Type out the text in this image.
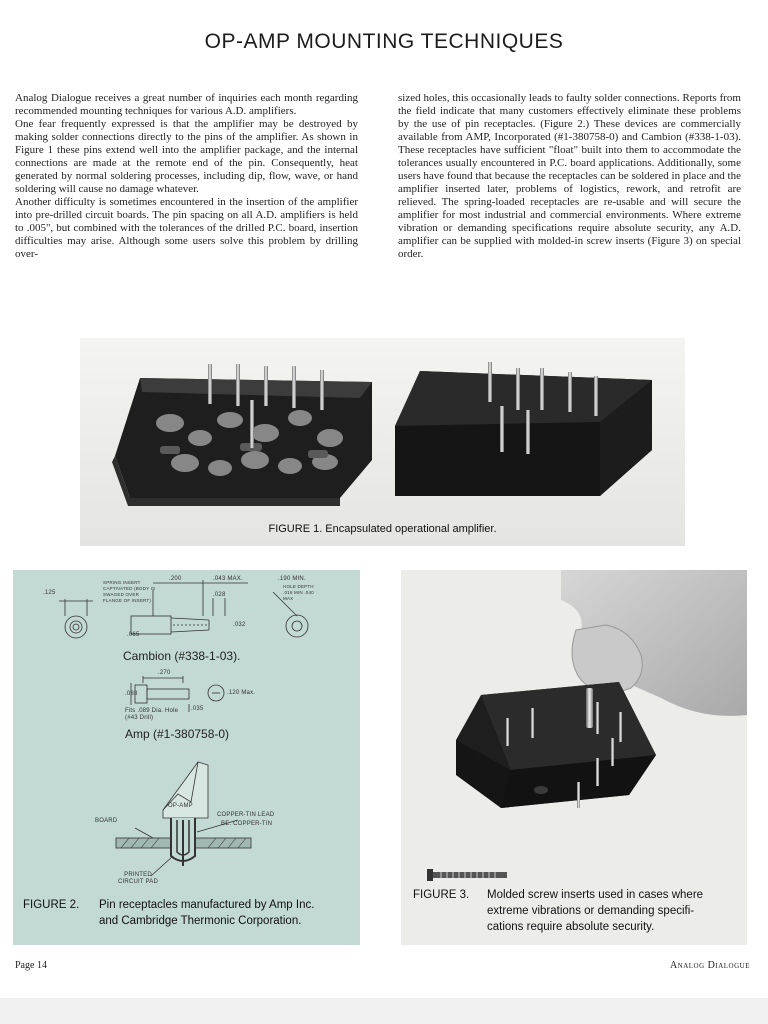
OP-AMP MOUNTING TECHNIQUES

Analog Dialogue receives a great number of inquiries each month regarding recommended mounting techniques for various A.D. amplifiers.

One fear frequently expressed is that the amplifier may be destroyed by making solder connections directly to the pins of the amplifier. As shown in Figure 1 these pins extend well into the amplifier package, and the internal connections are made at the remote end of the pin. Consequently, heat generated by normal soldering processes, including dip, flow, wave, or hand soldering will cause no damage whatever.

Another difficulty is sometimes encountered in the insertion of the amplifier into pre-drilled circuit boards. The pin spacing on all A.D. amplifiers is held to .005", but combined with the tolerances of the drilled P.C. board, insertion difficulties may arise. Although some users solve this problem by drilling over-

sized holes, this occasionally leads to faulty solder connections. Reports from the field indicate that many customers effectively eliminate these problems by the use of pin receptacles. (Figure 2.) These devices are commercially available from AMP, Incorporated (#1-380758-0) and Cambion (#338-1-03). These receptacles have sufficient "float" built into them to accommodate the tolerances usually encountered in P.C. board applications. Additionally, some users have found that because the receptacles can be soldered in place and the amplifier inserted later, problems of logistics, rework, and retrofit are relieved. The spring-loaded receptacles are re-usable and will secure the amplifier for most industrial and commercial environments. Where extreme vibration or demanding specifications require absolute security, any A.D. amplifier can be supplied with molded-in screw inserts (Figure 3) on special order.

FIGURE 1. Encapsulated operational amplifier.
.125
SPRING INSERT CAPTIVATED (BODY IS SWAGED OVER FLANGE OF INSERT)
.200	.043 MAX.
.028
.190 MIN.
HOLE DEPTH .016 MIN .040 MAX
.065
.032
Cambion (#338-1-03).
.270
.088	.120 Max.
.035
Fits .089 Dia. Hole (#43 Drill)
Amp (#1-380758-0)
OP-AMP
BOARD
COPPER-TIN LEAD
BE. COPPER-TIN
PRINTED CIRCUIT PAD
FIGURE 2. Pin receptacles manufactured by Amp Inc.
and Cambridge Thermonic Corporation.
FIGURE 3. Molded screw inserts used in cases where
extreme vibrations or demanding specifi-
cations require absolute security.
Page 14	Analog Dialogue
